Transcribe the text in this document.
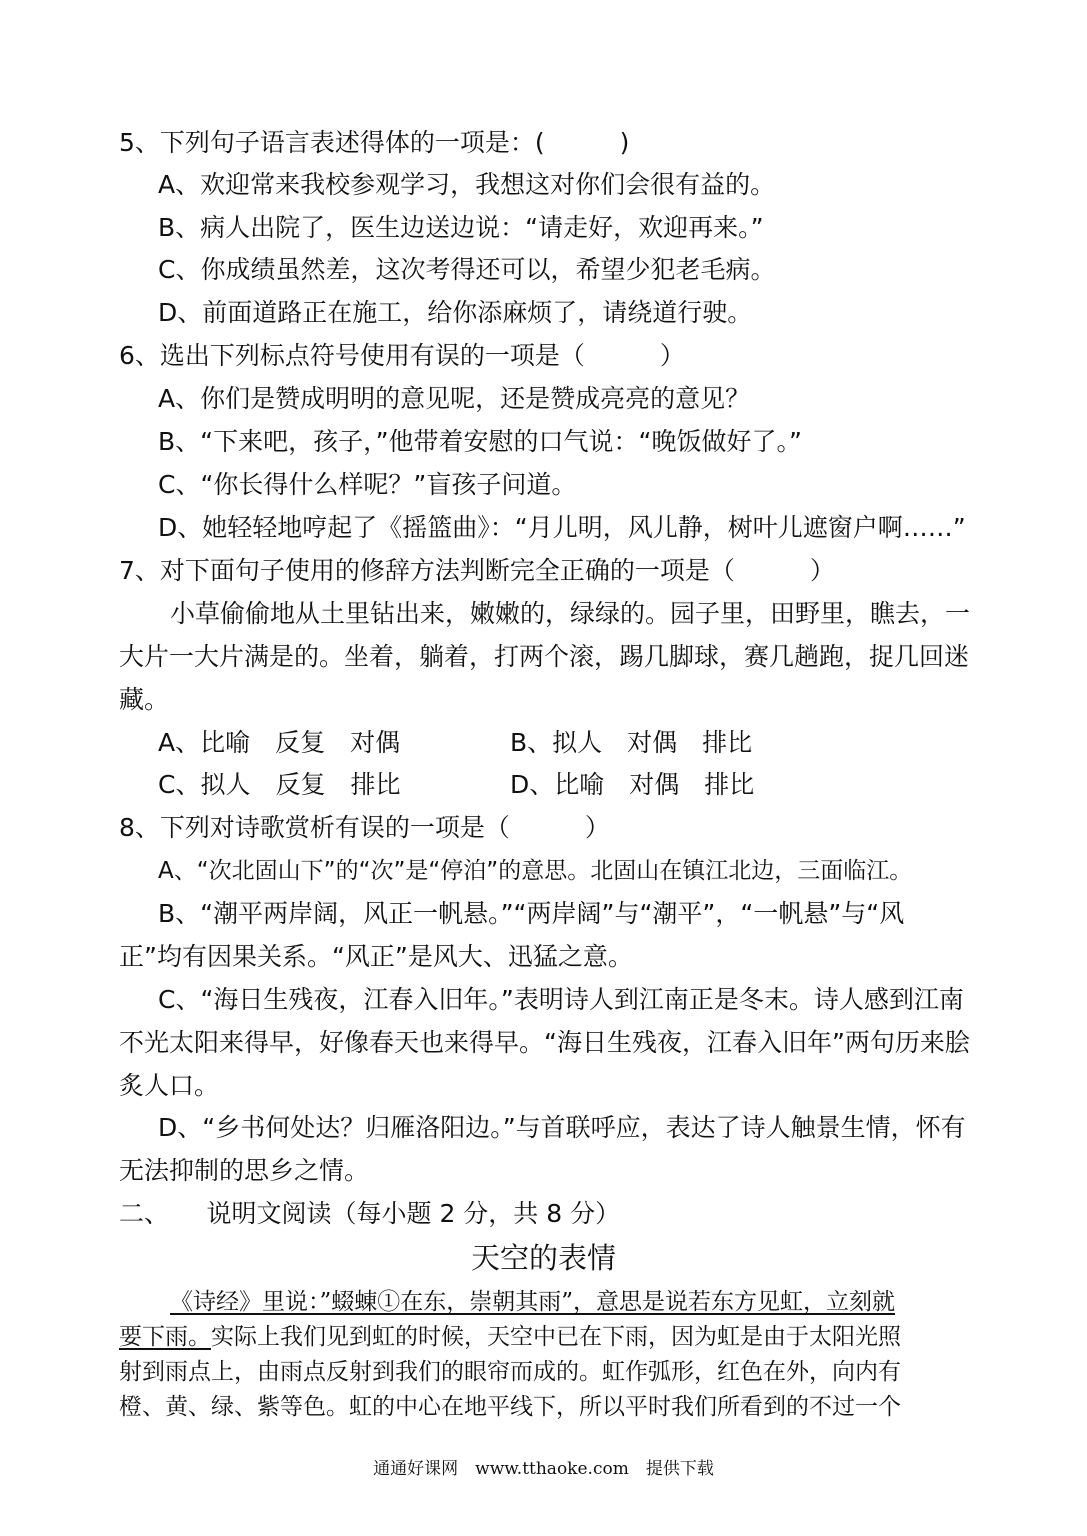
5、下列句子语言表述得体的一项是：(　　　)
A、欢迎常来我校参观学习，我想这对你们会很有益的。
B、病人出院了，医生边送边说：“请走好，欢迎再来。”
C、你成绩虽然差，这次考得还可以，希望少犯老毛病。
D、前面道路正在施工，给你添麻烦了，请绕道行驶。
6、选出下列标点符号使用有误的一项是（　　　）
A、你们是赞成明明的意见呢，还是赞成亮亮的意见？
B、“下来吧，孩子，”他带着安慰的口气说：“晚饭做好了。”
C、“你长得什么样呢？”盲孩子问道。
D、她轻轻地哼起了《摇篮曲》：“月儿明，风儿静，树叶儿遮窗户啊……”
7、对下面句子使用的修辞方法判断完全正确的一项是（　　　）
小草偷偷地从土里钻出来，嫩嫩的，绿绿的。园子里，田野里，瞧去，一
大片一大片满是的。坐着，躺着，打两个滚，踢几脚球，赛几趟跑，捉几回迷
藏。
A、比喻　反复　对偶	B、拟人　对偶　排比
C、拟人　反复　排比	D、比喻　对偶　排比
8、下列对诗歌赏析有误的一项是（　　　）
A、“次北固山下”的“次”是“停泊”的意思。北固山在镇江北边，三面临江。
B、“潮平两岸阔，风正一帆悬。”“两岸阔”与“潮平”，“一帆悬”与“风
正”均有因果关系。“风正”是风大、迅猛之意。
C、“海日生残夜，江春入旧年。”表明诗人到江南正是冬末。诗人感到江南
不光太阳来得早，好像春天也来得早。“海日生残夜，江春入旧年”两句历来脍
炙人口。
D、“乡书何处达？归雁洛阳边。”与首联呼应，表达了诗人触景生情，怀有
无法抑制的思乡之情。
二、　　说明文阅读（每小题 2 分，共 8 分）
天空的表情
《诗经》里说：”蝃蝀①在东，崇朝其雨”，意思是说若东方见虹，立刻就
要下雨。实际上我们见到虹的时候，天空中已在下雨，因为虹是由于太阳光照
射到雨点上，由雨点反射到我们的眼帘而成的。虹作弧形，红色在外，向内有
橙、黄、绿、紫等色。虹的中心在地平线下，所以平时我们所看到的不过一个
通通好课网　www.tthaoke.com　提供下载
